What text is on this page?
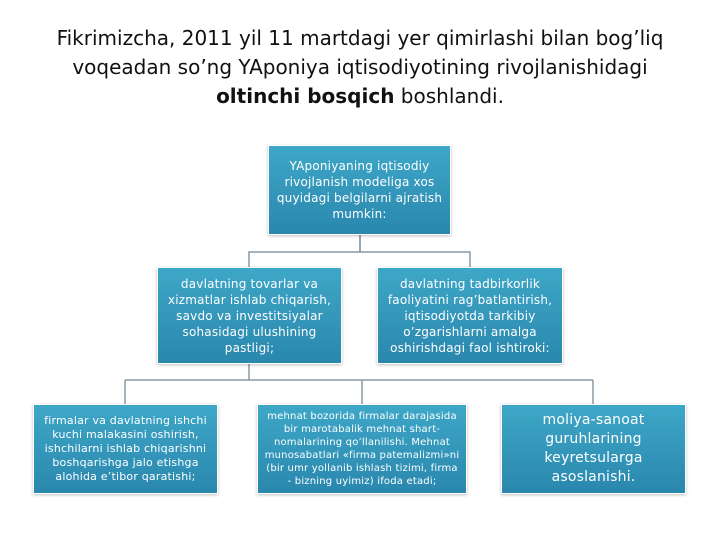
Fikrimizcha, 2011 yil 11 martdagi yer qimirlashi bilan bog’liq
voqeadan so’ng YAponiya iqtisodiyotining rivojlanishidagi
oltinchi bosqich boshlandi.
YAponiyaning iqtisodiy rivojlanish modeliga xos quyidagi belgilarni ajratish mumkin:
davlatning tovarlar va xizmatlar ishlab chiqarish, savdo va investitsiyalar sohasidagi ulushining pastligi;
davlatning tadbirkorlik faoliyatini rag’batlantirish, iqtisodiyotda tarkibiy o’zgarishlarni amalga oshirishdagi faol ishtiroki:
firmalar va davlatning ishchi kuchi malakasini oshirish, ishchilarni ishlab chiqarishni boshqarishga jalo etishga alohida e’tibor qaratishi;
mehnat bozorida firmalar darajasida bir marotabalik mehnat shart-nomalarining qo’llanilishi. Mehnat munosabatlari «firma patemalizmi»ni (bir umr yollanib ishlash tizimi, firma - bizning uyimiz) ifoda etadi;
moliya-sanoat guruhlarining keyretsularga asoslanishi.
